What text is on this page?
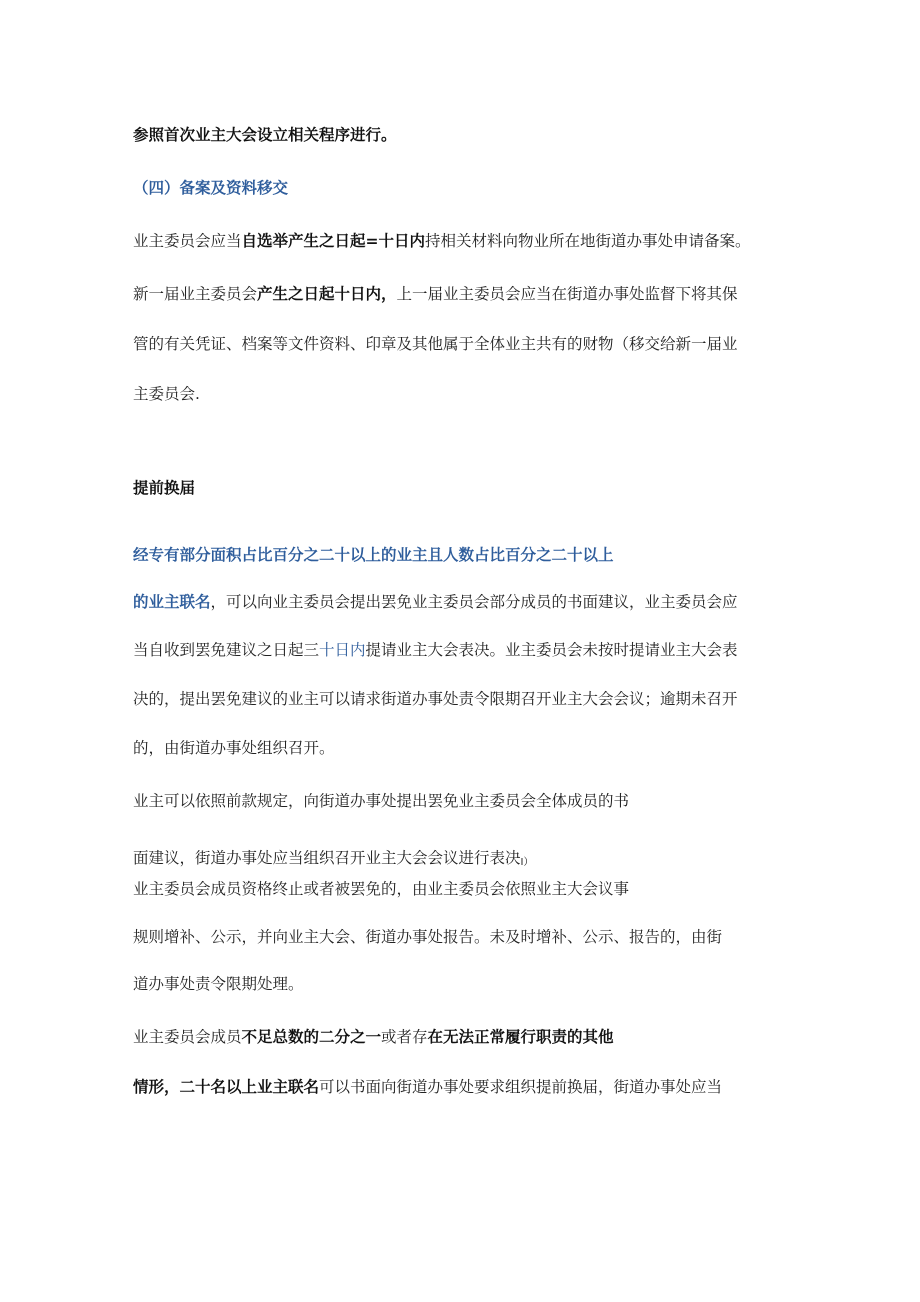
参照首次业主大会设立相关程序进行。

（四）备案及资料移交

业主委员会应当自选举产生之日起=十日内持相关材料向物业所在地街道办事处申请备案。

新一届业主委员会产生之日起十日内，上一届业主委员会应当在街道办事处监督下将其保

管的有关凭证、档案等文件资料、印章及其他属于全体业主共有的财物（移交给新一届业

主委员会.

提前换届

经专有部分面积占比百分之二十以上的业主且人数占比百分之二十以上

的业主联名，可以向业主委员会提出罢免业主委员会部分成员的书面建议，业主委员会应

当自收到罢免建议之日起三十日内提请业主大会表决。业主委员会未按时提请业主大会表

决的，提出罢免建议的业主可以请求街道办事处责令限期召开业主大会会议；逾期未召开

的，由街道办事处组织召开。

业主可以依照前款规定，向街道办事处提出罢免业主委员会全体成员的书

面建议，街道办事处应当组织召开业主大会会议进行表决I）

业主委员会成员资格终止或者被罢免的，由业主委员会依照业主大会议事

规则增补、公示，并向业主大会、街道办事处报告。未及时增补、公示、报告的，由街

道办事处责令限期处理。

业主委员会成员不足总数的二分之一或者存在无法正常履行职责的其他

情形，二十名以上业主联名可以书面向街道办事处要求组织提前换届，街道办事处应当
